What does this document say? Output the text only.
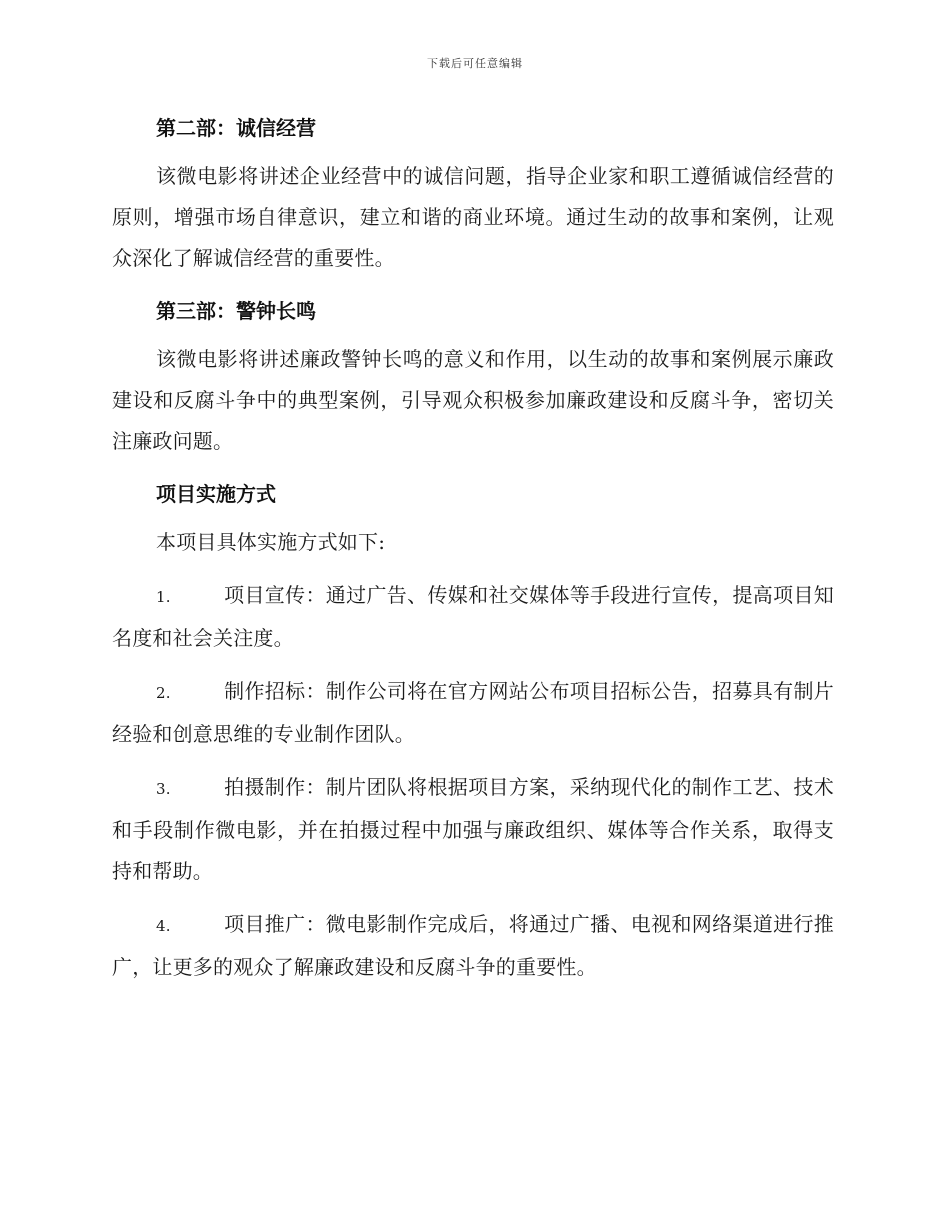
下载后可任意编辑
第二部：诚信经营

该微电影将讲述企业经营中的诚信问题，指导企业家和职工遵循诚信经营的原则，增强市场自律意识，建立和谐的商业环境。通过生动的故事和案例，让观众深化了解诚信经营的重要性。

第三部：警钟长鸣

该微电影将讲述廉政警钟长鸣的意义和作用，以生动的故事和案例展示廉政建设和反腐斗争中的典型案例，引导观众积极参加廉政建设和反腐斗争，密切关注廉政问题。

项目实施方式

本项目具体实施方式如下:

1.	项目宣传：通过广告、传媒和社交媒体等手段进行宣传，提高项目知名度和社会关注度。
2.	制作招标：制作公司将在官方网站公布项目招标公告，招募具有制片经验和创意思维的专业制作团队。
3.	拍摄制作：制片团队将根据项目方案，采纳现代化的制作工艺、技术和手段制作微电影，并在拍摄过程中加强与廉政组织、媒体等合作关系，取得支持和帮助。
4.	项目推广：微电影制作完成后，将通过广播、电视和网络渠道进行推广，让更多的观众了解廉政建设和反腐斗争的重要性。
